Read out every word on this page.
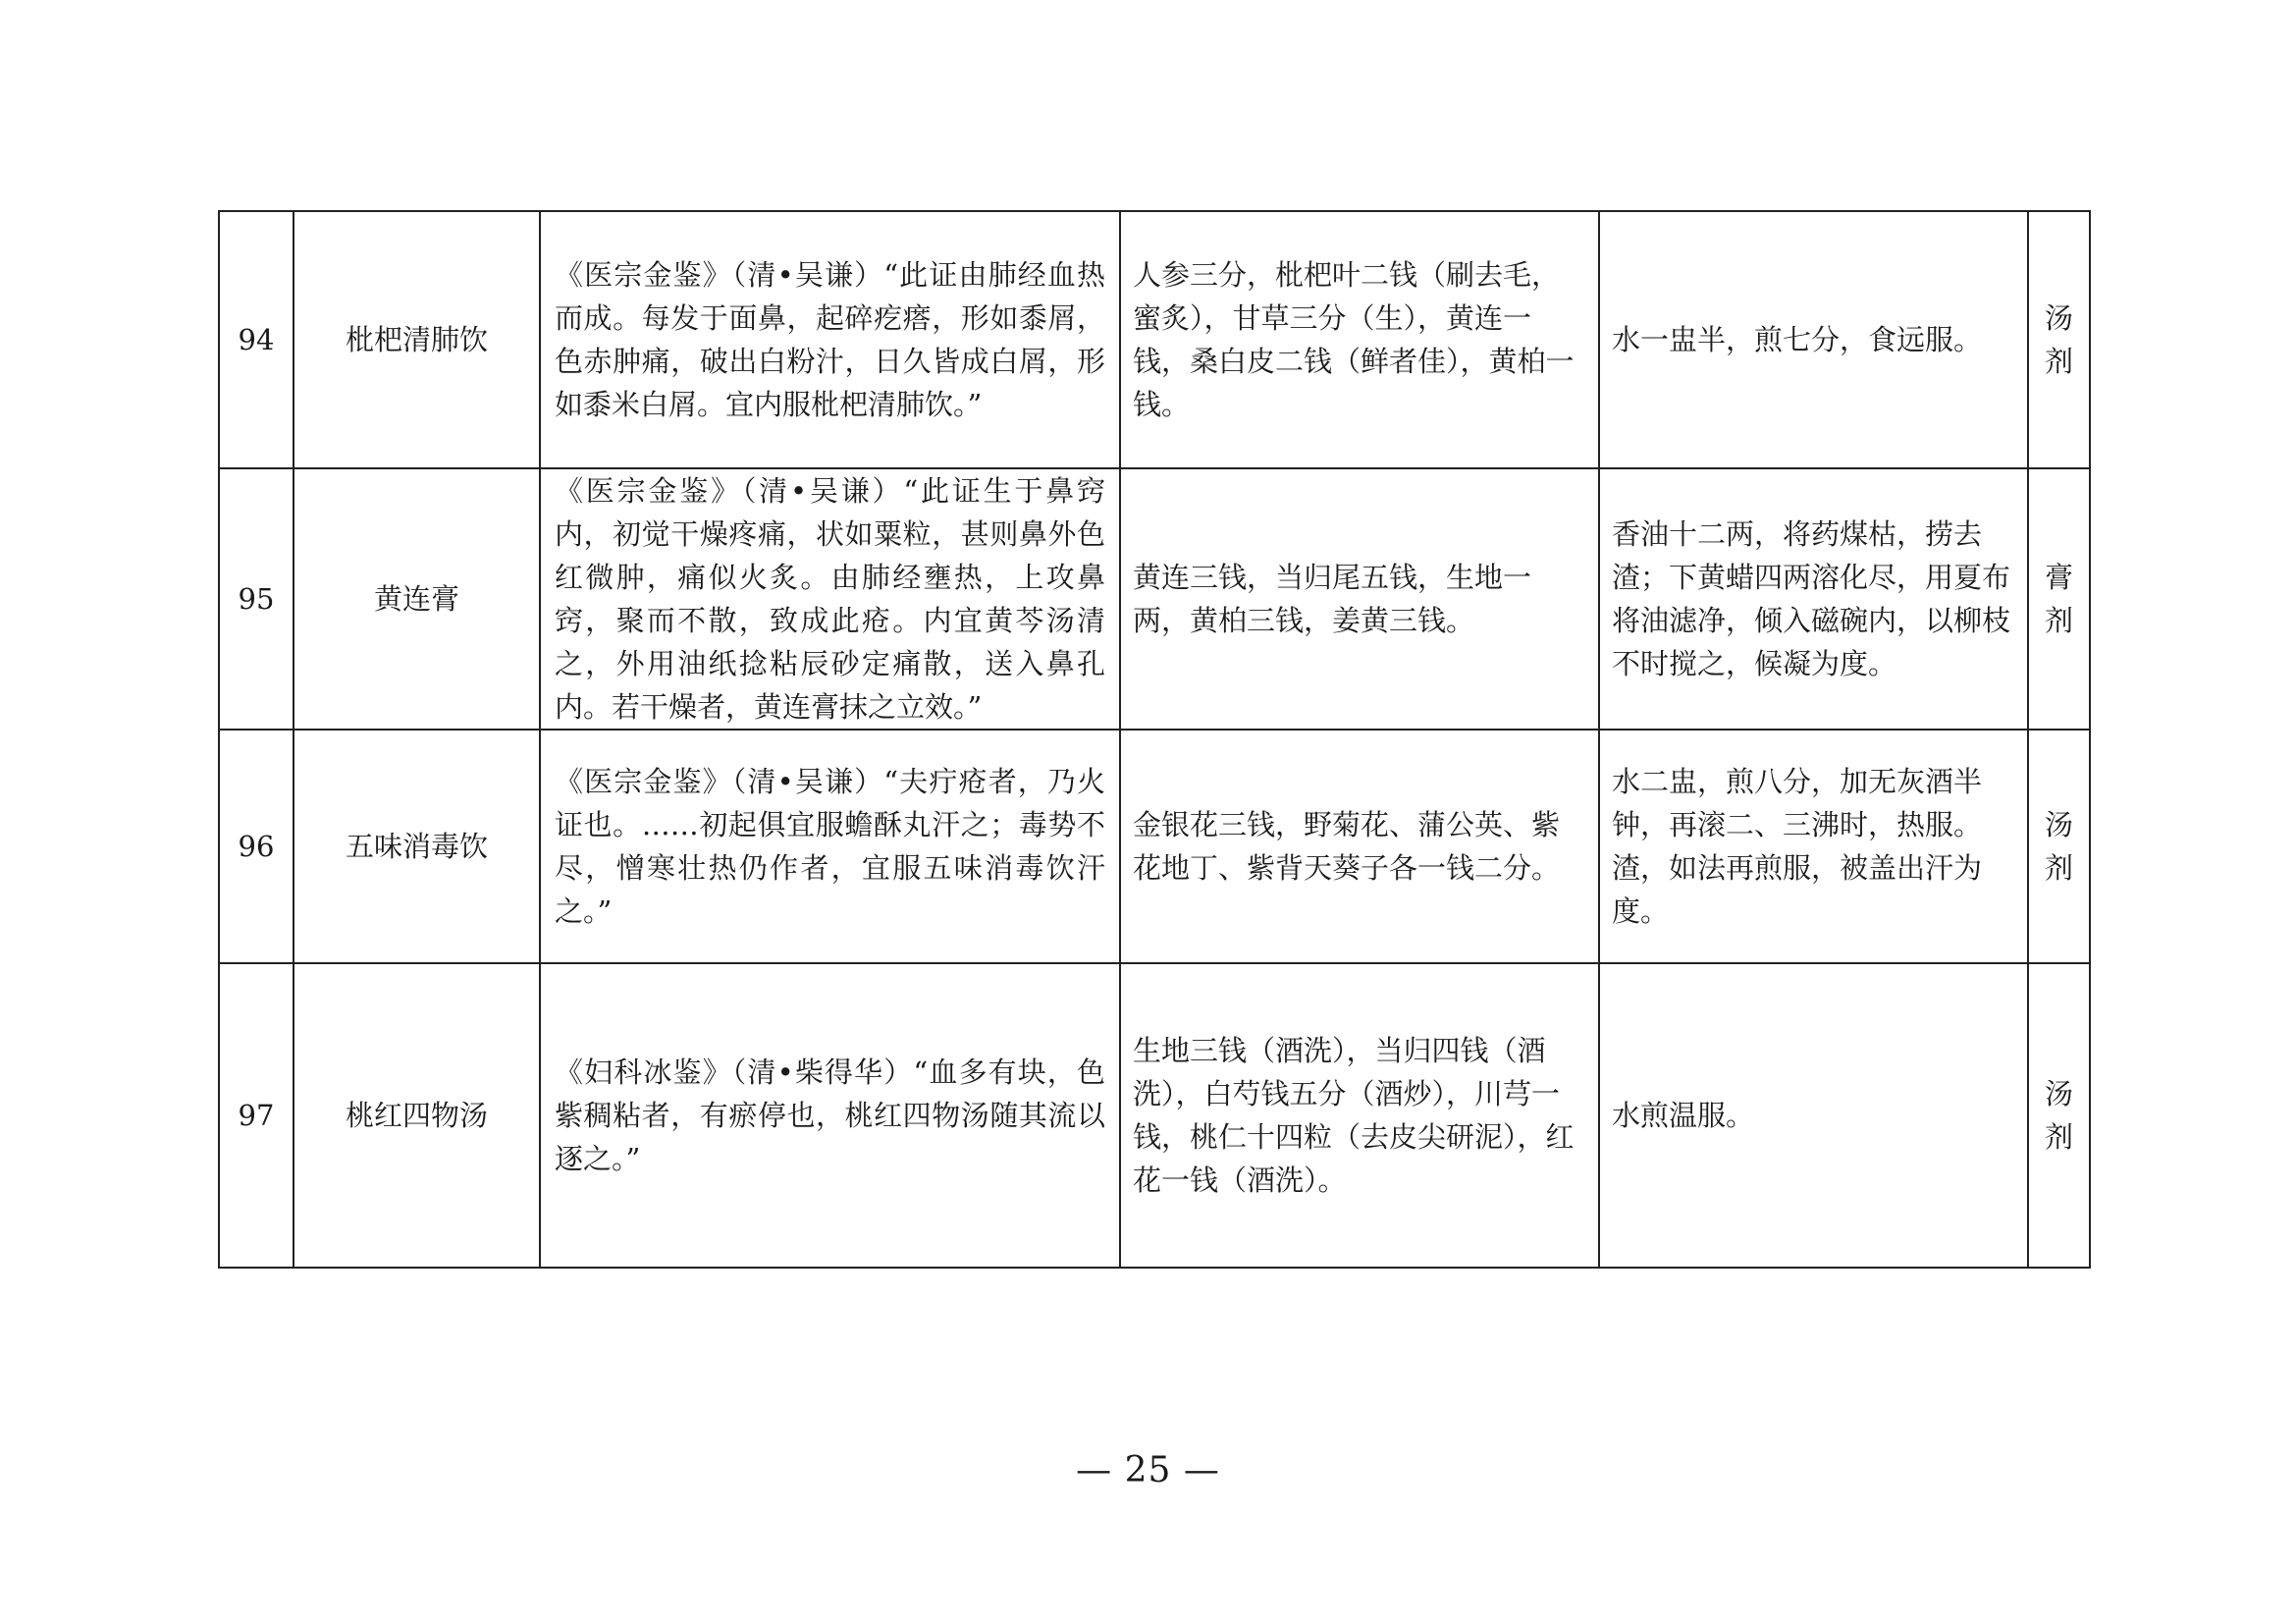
94	枇杷清肺饮	《医宗金鉴》（清•吴谦）“此证由肺经血热而成。每发于面鼻，起碎疙瘩，形如黍屑，色赤肿痛，破出白粉汁，日久皆成白屑，形如黍米白屑。宜内服枇杷清肺饮。”	人参三分，枇杷叶二钱（刷去毛，蜜炙），甘草三分（生），黄连一钱，桑白皮二钱（鲜者佳），黄柏一钱。	水一盅半，煎七分，食远服。	汤
剂

95	黄连膏	《医宗金鉴》（清•吴谦）“此证生于鼻窍内，初觉干燥疼痛，状如粟粒，甚则鼻外色红微肿，痛似火炙。由肺经壅热，上攻鼻窍，聚而不散，致成此疮。内宜黄芩汤清之，外用油纸捻粘辰砂定痛散，送入鼻孔内。若干燥者，黄连膏抹之立效。”	黄连三钱，当归尾五钱，生地一两，黄柏三钱，姜黄三钱。	香油十二两，将药煤枯，捞去渣；下黄蜡四两溶化尽，用夏布将油滤净，倾入磁碗内，以柳枝不时搅之，候凝为度。	膏
剂

96	五味消毒饮	《医宗金鉴》（清•吴谦）“夫疔疮者，乃火证也。……初起俱宜服蟾酥丸汗之；毒势不尽，憎寒壮热仍作者，宜服五味消毒饮汗之。”	金银花三钱，野菊花、蒲公英、紫花地丁、紫背天葵子各一钱二分。	水二盅，煎八分，加无灰酒半钟，再滚二、三沸时，热服。渣，如法再煎服，被盖出汗为度。	汤
剂

97	桃红四物汤	《妇科冰鉴》（清•柴得华）“血多有块，色紫稠粘者，有瘀停也，桃红四物汤随其流以逐之。”	生地三钱（酒洗），当归四钱（酒洗），白芍钱五分（酒炒），川芎一钱，桃仁十四粒（去皮尖研泥），红花一钱（酒洗）。	水煎温服。	汤
剂
— 25 —
